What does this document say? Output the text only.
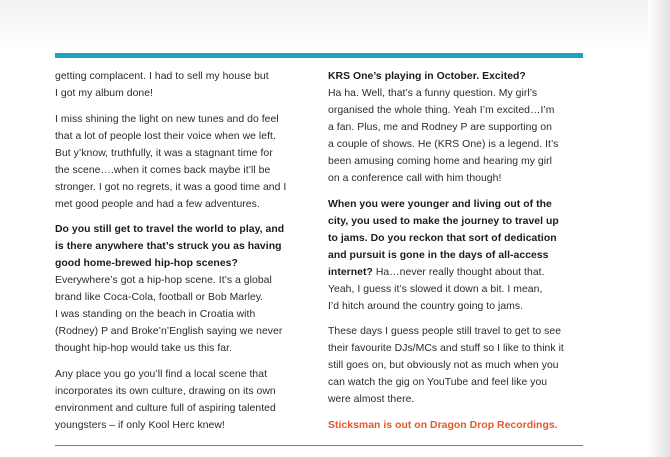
getting complacent. I had to sell my house but
I got my album done!

I miss shining the light on new tunes and do feel
that a lot of people lost their voice when we left.
But y’know, truthfully, it was a stagnant time for
the scene….when it comes back maybe it’ll be
stronger. I got no regrets, it was a good time and I
met good people and had a few adventures.

Do you still get to travel the world to play, and
is there anywhere that’s struck you as having
good home-brewed hip-hop scenes?
Everywhere’s got a hip-hop scene. It’s a global
brand like Coca-Cola, football or Bob Marley.
I was standing on the beach in Croatia with
(Rodney) P and Broke’n’English saying we never
thought hip-hop would take us this far.

Any place you go you’ll find a local scene that
incorporates its own culture, drawing on its own
environment and culture full of aspiring talented
youngsters – if only Kool Herc knew!

KRS One’s playing in October. Excited?
Ha ha. Well, that’s a funny question. My girl’s
organised the whole thing. Yeah I’m excited…I’m
a fan. Plus, me and Rodney P are supporting on
a couple of shows. He (KRS One) is a legend. It’s
been amusing coming home and hearing my girl
on a conference call with him though!

When you were younger and living out of the
city, you used to make the journey to travel up
to jams. Do you reckon that sort of dedication
and pursuit is gone in the days of all-access
internet? Ha…never really thought about that.
Yeah, I guess it’s slowed it down a bit. I mean,
I’d hitch around the country going to jams.

These days I guess people still travel to get to see
their favourite DJs/MCs and stuff so I like to think it
still goes on, but obviously not as much when you
can watch the gig on YouTube and feel like you
were almost there.

Sticksman is out on Dragon Drop Recordings.
